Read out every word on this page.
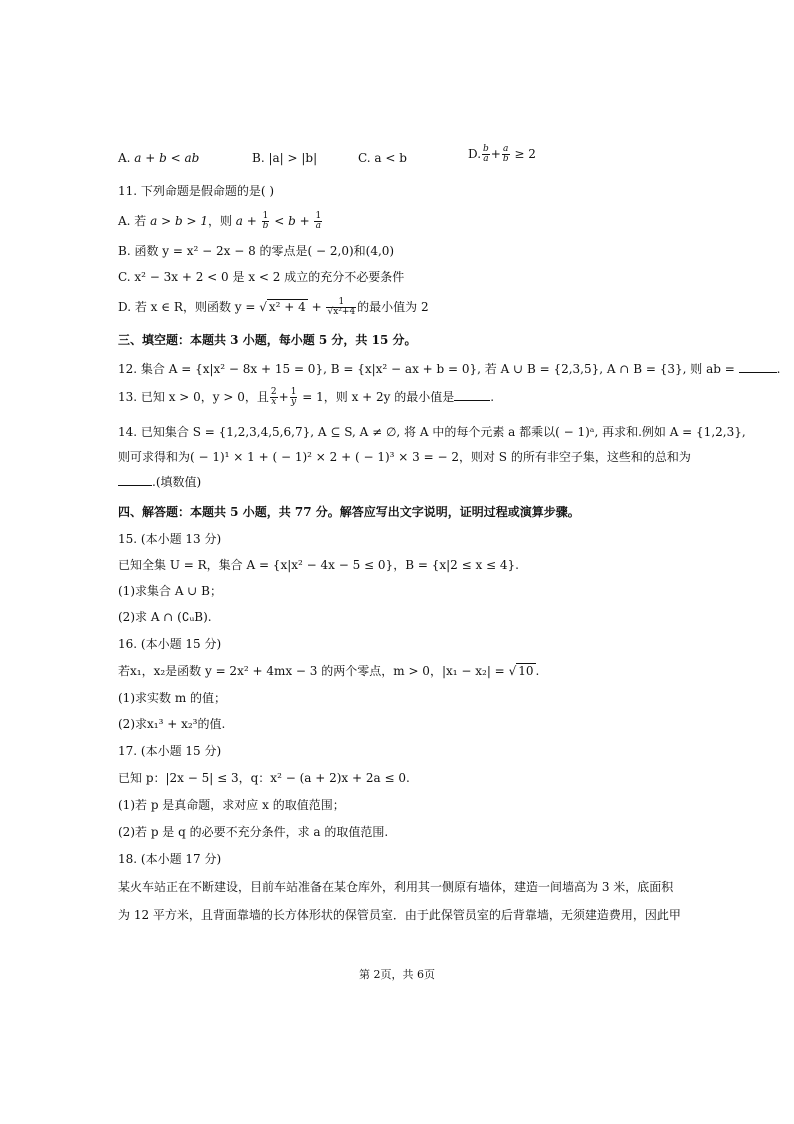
A. a + b < ab	B. |a| > |b|	C. a < b	D. $\frac{b}{a} + \frac{a}{b} \ge 2$
11. 下列命题是假命题的是( )
A. 若 a > b > 1，则 $a + \frac{1}{b} < b + \frac{1}{a}$
B. 函数 y = x² − 2x − 8 的零点是( − 2,0)和(4,0)
C. x² − 3x + 2 < 0 是 x < 2 成立的充分不必要条件
D. 若 x ∈ R，则函数 y = √ $x^2 + 4 + \frac{1}{\text{√x²+4}}$ 的最小值为 2
三、填空题：本题共 3 小题，每小题 5 分，共 15 分。
12. 集合 A = {x|x² − 8x + 15 = 0}, B = {x|x² − ax + b = 0}, 若 A ∪ B = {2,3,5}, A ∩ B = {3}, 则 ab =	.
13. 已知 x > 0，y > 0，且 $\frac{2}{x} + \frac{1}{y} = 1$，则 x + 2y 的最小值是	.
14. 已知集合 S = {1,2,3,4,5,6,7}, A ⊆ S, A ≠ ∅, 将 A 中的每个元素 a 都乘以( − 1)ᵃ, 再求和.例如 A = {1,2,3},
则可求得和为( − 1)¹ × 1 + ( − 1)² × 2 + ( − 1)³ × 3 = − 2，则对 S 的所有非空子集，这些和的总和为
.(填数值)
四、解答题：本题共 5 小题，共 77 分。解答应写出文字说明，证明过程或演算步骤。
15. (本小题 13 分)
已知全集 U = R，集合 A = {x|x² − 4x − 5 ≤ 0}，B = {x|2 ≤ x ≤ 4}.
(1)求集合 A ∪ B；
(2)求 A ∩ (∁ᵤB).
16. (本小题 15 分)
若x₁，x₂是函数 y = 2x² + 4mx − 3 的两个零点，m > 0，|x₁ − x₂| = √ 10 .
(1)求实数 m 的值；
(2)求x₁³ + x₂³的值.
17. (本小题 15 分)
已知 p：|2x − 5| ≤ 3，q：x² − (a + 2)x + 2a ≤ 0.
(1)若 p 是真命题，求对应 x 的取值范围；
(2)若 p 是 q 的必要不充分条件，求 a 的取值范围.
18. (本小题 17 分)
某火车站正在不断建设，目前车站准备在某仓库外，利用其一侧原有墙体，建造一间墙高为 3 米，底面积
为 12 平方米，且背面靠墙的长方体形状的保管员室．由于此保管员室的后背靠墙，无须建造费用，因此甲
第 2页，共 6页
